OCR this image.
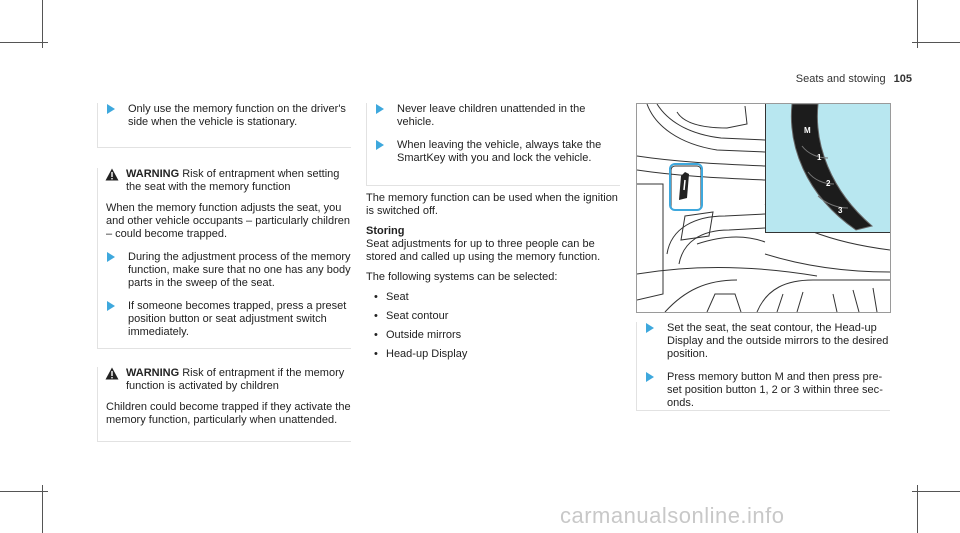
Seats and stowing 105
Only use the memory function on the driver's side when the vehicle is stationary.
WARNING Risk of entrapment when setting the seat with the memory function
When the memory function adjusts the seat, you and other vehicle occupants – particularly children – could become trapped.
During the adjustment process of the memory function, make sure that no one has any body parts in the sweep of the seat.
If someone becomes trapped, press a preset position button or seat adjustment switch immediately.
WARNING Risk of entrapment if the memory function is activated by children
Children could become trapped if they activate the memory function, particularly when unattended.
Never leave children unattended in the vehicle.
When leaving the vehicle, always take the SmartKey with you and lock the vehicle.
The memory function can be used when the ignition is switched off.
Storing
Seat adjustments for up to three people can be stored and called up using the memory function.
The following systems can be selected:
• Seat
• Seat contour
• Outside mirrors
• Head-up Display
M
1
2
3
Set the seat, the seat contour, the Head-up Display and the outside mirrors to the desired position.
Press memory button M and then press preset position button 1, 2 or 3 within three seconds.
carmanualsonline.info
